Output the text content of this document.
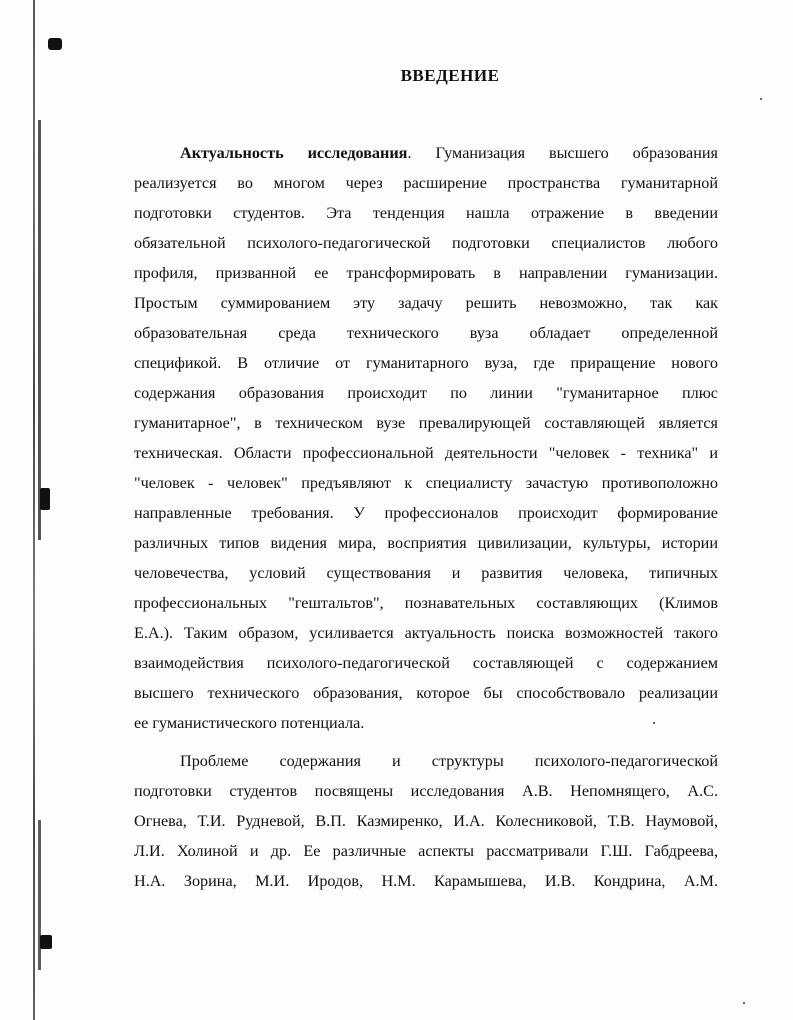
ВВЕДЕНИЕ
Актуальность исследования. Гуманизация высшего образования
реализуется во многом через расширение пространства гуманитарной
подготовки студентов. Эта тенденция нашла отражение в введении
обязательной психолого-педагогической подготовки специалистов любого
профиля, призванной ее трансформировать в направлении гуманизации.
Простым суммированием эту задачу решить невозможно, так как
образовательная среда технического вуза обладает определенной
спецификой. В отличие от гуманитарного вуза, где приращение нового
содержания образования происходит по линии "гуманитарное плюс
гуманитарное", в техническом вузе превалирующей составляющей является
техническая. Области профессиональной деятельности "человек - техника" и
"человек - человек" предъявляют к специалисту зачастую противоположно
направленные требования. У профессионалов происходит формирование
различных типов видения мира, восприятия цивилизации, культуры, истории
человечества, условий существования и развития человека, типичных
профессиональных "гештальтов", познавательных составляющих (Климов
Е.А.). Таким образом, усиливается актуальность поиска возможностей такого
взаимодействия психолого-педагогической составляющей с содержанием
высшего технического образования, которое бы способствовало реализации
ее гуманистического потенциала.
Проблеме содержания и структуры психолого-педагогической
подготовки студентов посвящены исследования А.В. Непомнящего, А.С.
Огнева, Т.И. Рудневой, В.П. Казмиренко, И.А. Колесниковой, Т.В. Наумовой,
Л.И. Холиной и др. Ее различные аспекты рассматривали Г.Ш. Габдреева,
Н.А. Зорина, М.И. Иродов, Н.М. Карамышева, И.В. Кондрина, А.М.
